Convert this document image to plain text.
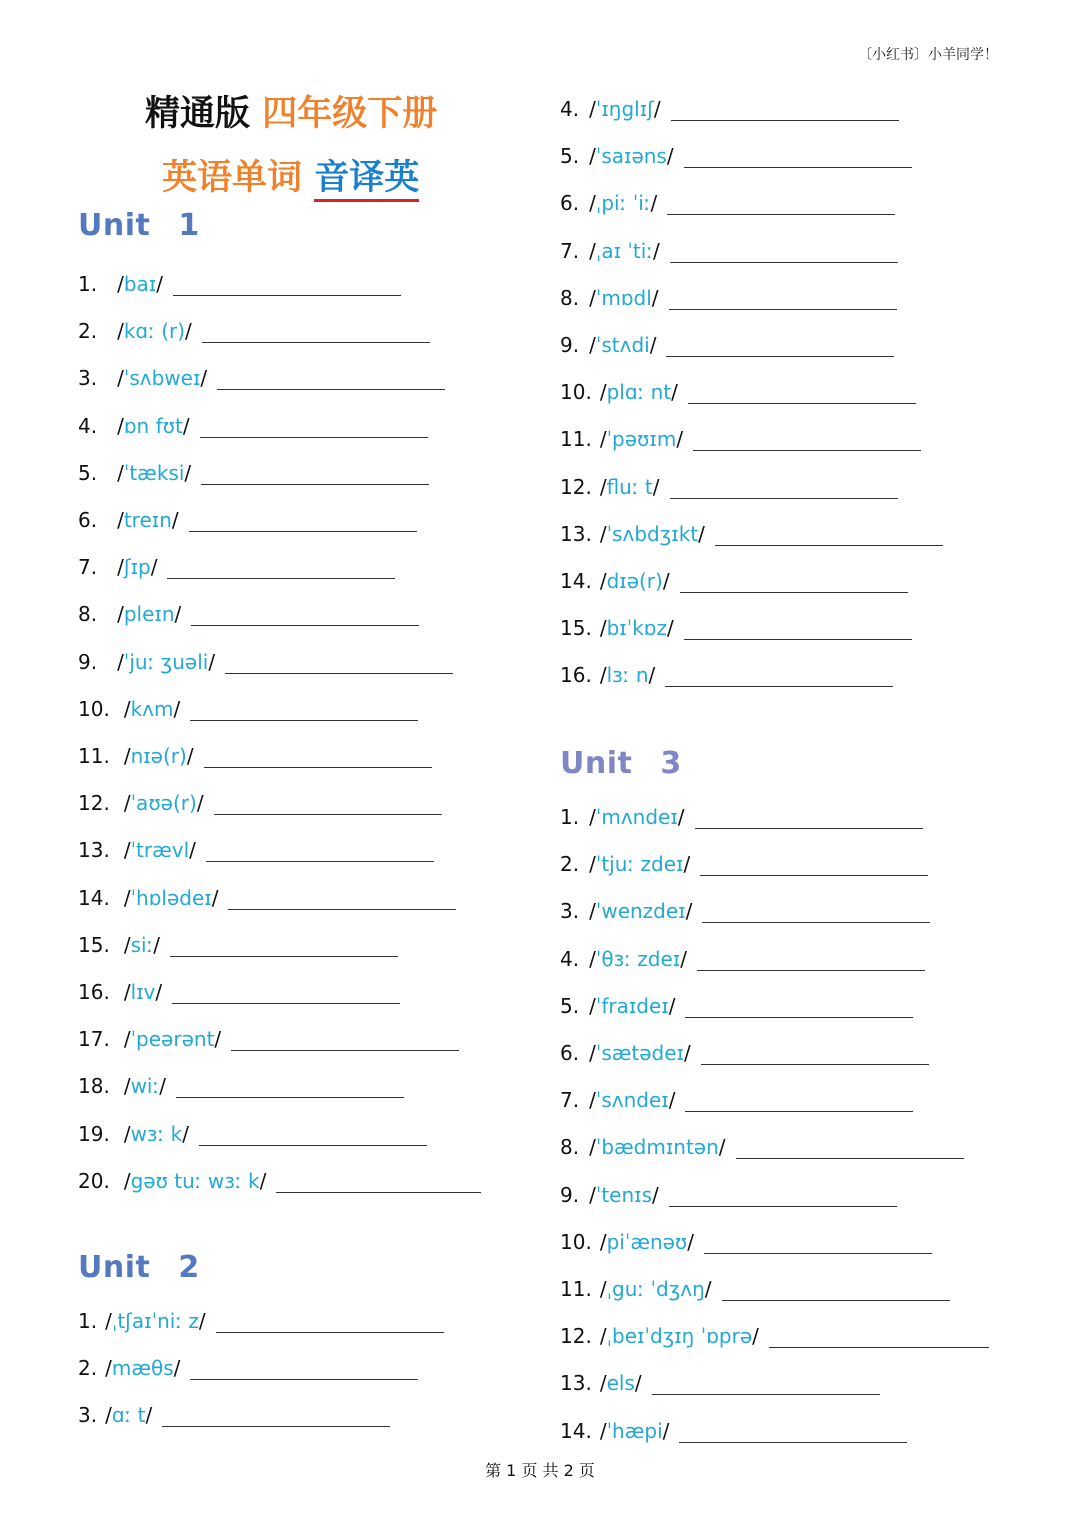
〔小红书〕小羊同学！
精通版 四年级下册
英语单词 音译英
Unit 1
1. / baɪ /
2. / kɑː (r) /
3. / ˈsʌbweɪ /
4. / ɒn fʊt /
5. / ˈtæksi /
6. / treɪn /
7. / ʃɪp /
8. / pleɪn /
9. / ˈjuː ʒuəli /
10. / kʌm /
11. / nɪə(r) /
12. / ˈaʊə(r) /
13. / ˈtrævl /
14. / ˈhɒlədeɪ /
15. / siː /
16. / lɪv /
17. / ˈpeərənt /
18. / wiː /
19. / wɜː k /
20. / gəʊ tuː wɜː k /
Unit 2
1. / ˌtʃaɪˈniː z /
2. / mæθs /
3. / ɑː t /
4. / ˈɪŋglɪʃ /
5. / ˈsaɪəns /
6. / ˌpiː ˈiː /
7. / ˌaɪ ˈtiː /
8. / ˈmɒdl /
9. / ˈstʌdi /
10. / plɑː nt /
11. / ˈpəʊɪm /
12. / fluː t /
13. / ˈsʌbdʒɪkt /
14. / dɪə(r) /
15. / bɪˈkɒz /
16. / lɜː n /
Unit 3
1. / ˈmʌndeɪ /
2. / ˈtjuː zdeɪ /
3. / ˈwenzdeɪ /
4. / ˈθɜː zdeɪ /
5. / ˈfraɪdeɪ /
6. / ˈsætədeɪ /
7. / ˈsʌndeɪ /
8. / ˈbædmɪntən /
9. / ˈtenɪs /
10. / piˈænəʊ /
11. / ˌguː ˈdʒʌŋ /
12. / ˌbeɪˈdʒɪŋ ˈɒprə /
13. / els /
14. / ˈhæpi /
第 1 页 共 2 页
